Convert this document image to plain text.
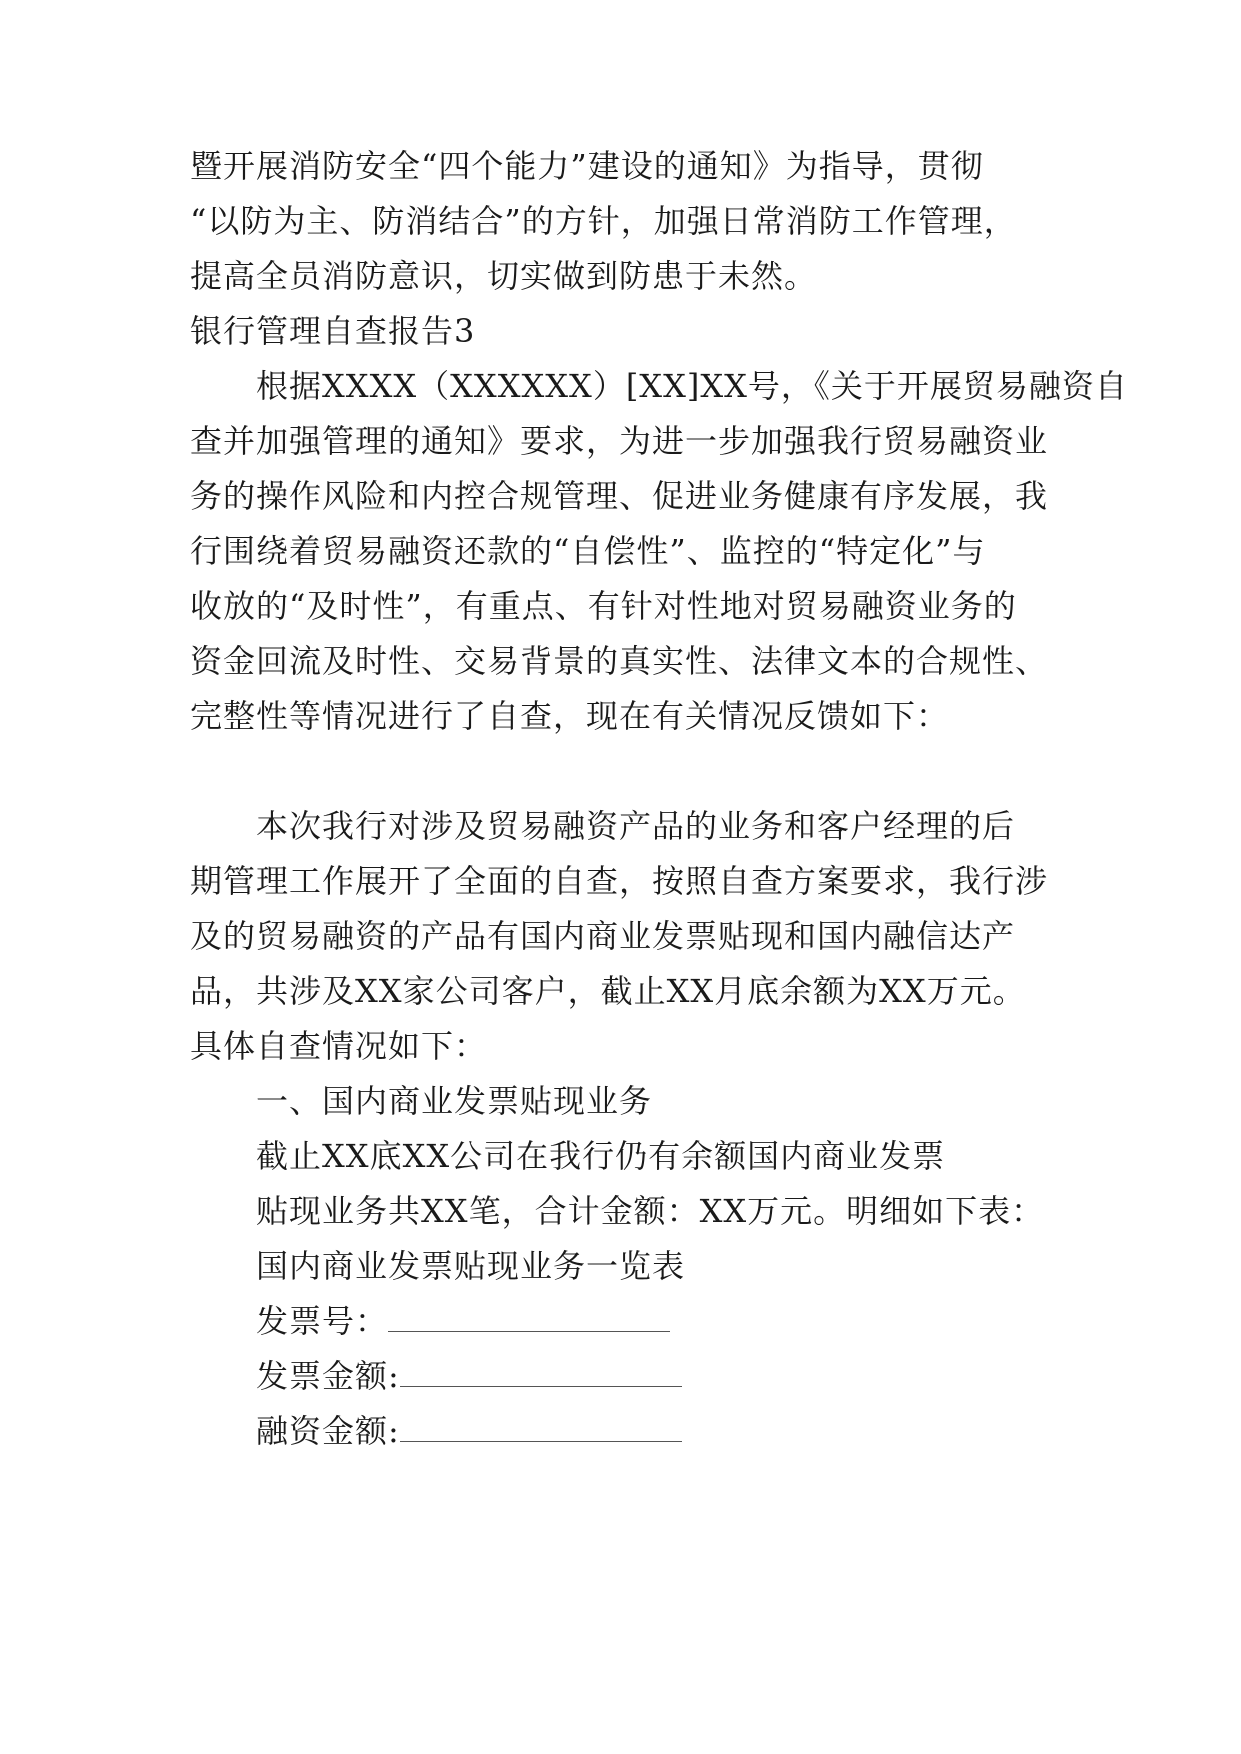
暨开展消防安全“四个能力”建设的通知》为指导，贯彻
“以防为主、防消结合”的方针，加强日常消防工作管理，
提高全员消防意识，切实做到防患于未然。
银行管理自查报告3
根据XXXX（XXXXXX）[XX]XX号，《关于开展贸易融资自
查并加强管理的通知》要求，为进一步加强我行贸易融资业
务的操作风险和内控合规管理、促进业务健康有序发展，我
行围绕着贸易融资还款的“自偿性”、监控的“特定化”与
收放的“及时性”，有重点、有针对性地对贸易融资业务的
资金回流及时性、交易背景的真实性、法律文本的合规性、
完整性等情况进行了自查，现在有关情况反馈如下：
本次我行对涉及贸易融资产品的业务和客户经理的后
期管理工作展开了全面的自查，按照自查方案要求，我行涉
及的贸易融资的产品有国内商业发票贴现和国内融信达产
品，共涉及XX家公司客户，截止XX月底余额为XX万元。
具体自查情况如下：
一、国内商业发票贴现业务
截止XX底XX公司在我行仍有余额国内商业发票
贴现业务共XX笔，合计金额：XX万元。明细如下表：
国内商业发票贴现业务一览表
发票号：
发票金额:
融资金额:
